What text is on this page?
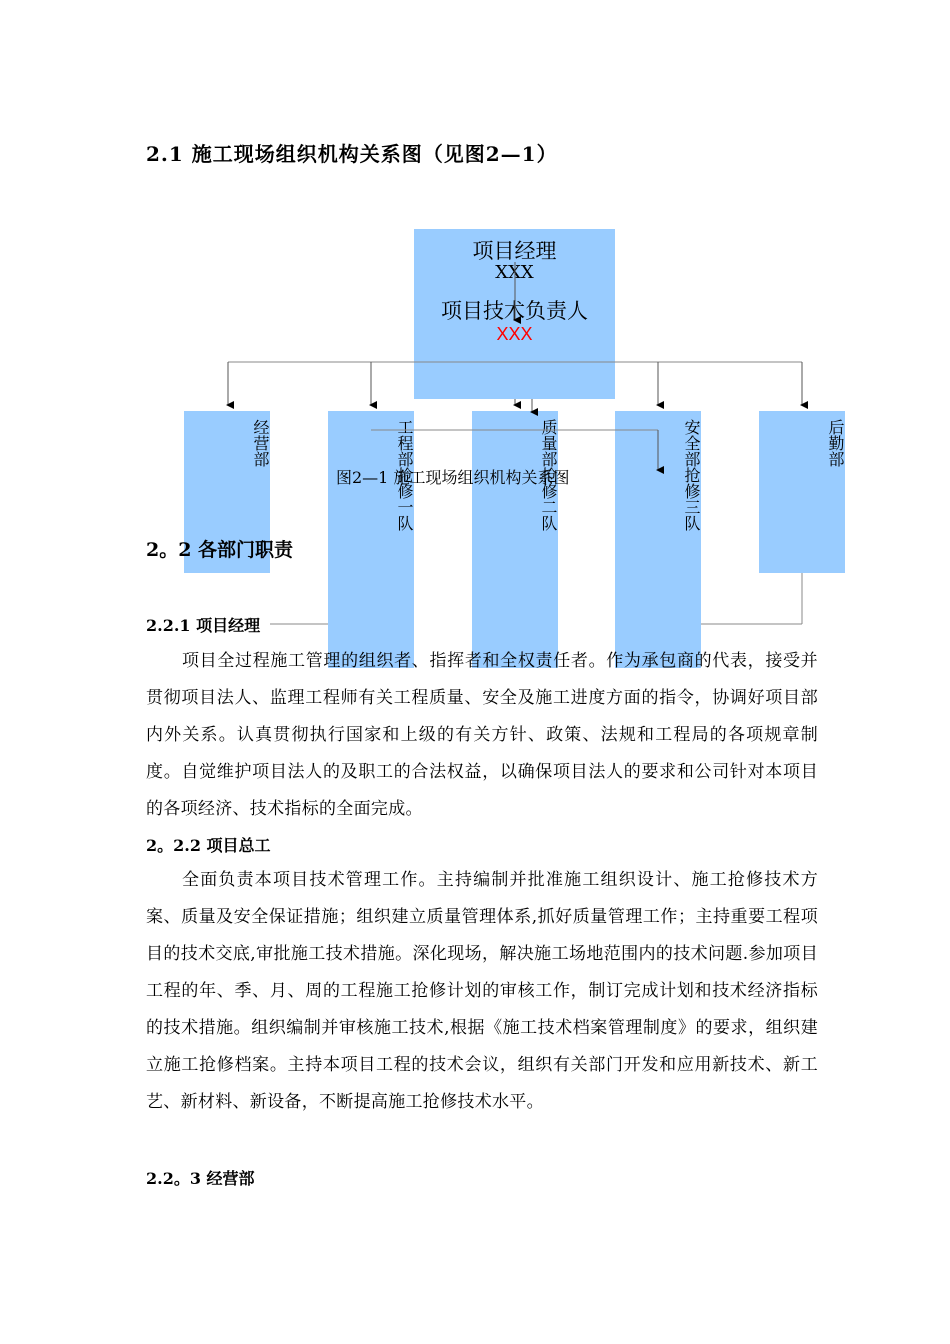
2.1 施工现场组织机构关系图（见图2—1）
项目经理
XXX
项目技术负责人
XXX
经营部	工程部抢修一队	质量部抢修二队	安全部抢修三队	后勤部
图2—1 施工现场组织机构关系图
2。2 各部门职责
2.2.1 项目经理
项目全过程施工管理的组织者、指挥者和全权责任者。作为承包商的代表，接受并贯彻项目法人、监理工程师有关工程质量、安全及施工进度方面的指令，协调好项目部内外关系。认真贯彻执行国家和上级的有关方针、政策、法规和工程局的各项规章制度。自觉维护项目法人的及职工的合法权益，以确保项目法人的要求和公司针对本项目的各项经济、技术指标的全面完成。
2。2.2 项目总工
全面负责本项目技术管理工作。主持编制并批准施工组织设计、施工抢修技术方案、质量及安全保证措施；组织建立质量管理体系,抓好质量管理工作；主持重要工程项目的技术交底,审批施工技术措施。深化现场，解决施工场地范围内的技术问题.参加项目工程的年、季、月、周的工程施工抢修计划的审核工作，制订完成计划和技术经济指标的技术措施。组织编制并审核施工技术,根据《施工技术档案管理制度》的要求，组织建立施工抢修档案。主持本项目工程的技术会议，组织有关部门开发和应用新技术、新工艺、新材料、新设备，不断提高施工抢修技术水平。
2.2。3 经营部
